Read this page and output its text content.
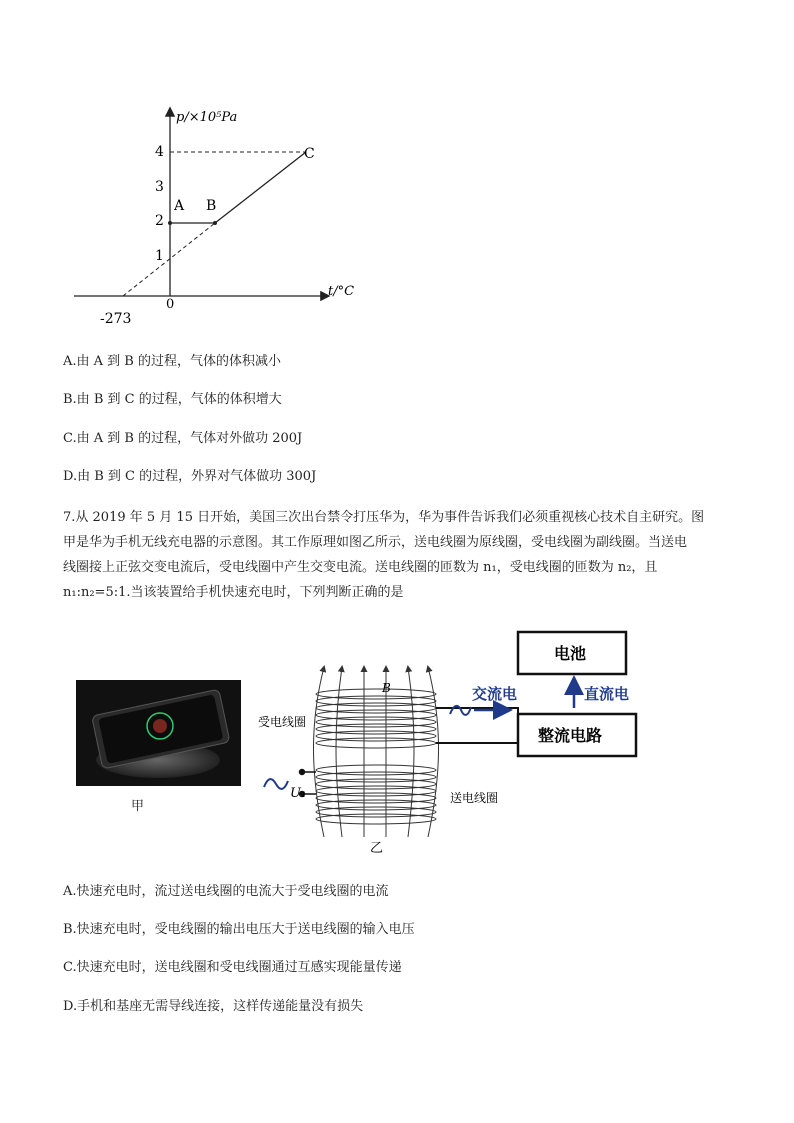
p/×10⁵Pa
t/°C
1
2
3
4
0
-273
A B
C
A.由 A 到 B 的过程，气体的体积减小
B.由 B 到 C 的过程，气体的体积增大
C.由 A 到 B 的过程，气体对外做功 200J
D.由 B 到 C 的过程，外界对气体做功 300J

7.从 2019 年 5 月 15 日开始，美国三次出台禁令打压华为，华为事件告诉我们必须重视核心技术自主研究。图

甲是华为手机无线充电器的示意图。其工作原理如图乙所示，送电线圈为原线圈，受电线圈为副线圈。当送电

线圈接上正弦交变电流后，受电线圈中产生交变电流。送电线圈的匝数为 n₁，受电线圈的匝数为 n₂，且

n₁:n₂=5:1.当该装置给手机快速充电时，下列判断正确的是

甲
U₁
B	交流电
电池
整流电路
直流电
受电线圈
送电线圈
乙
A.快速充电时，流过送电线圈的电流大于受电线圈的电流
B.快速充电时，受电线圈的输出电压大于送电线圈的输入电压
C.快速充电时，送电线圈和受电线圈通过互感实现能量传递
D.手机和基座无需导线连接，这样传递能量没有损失
